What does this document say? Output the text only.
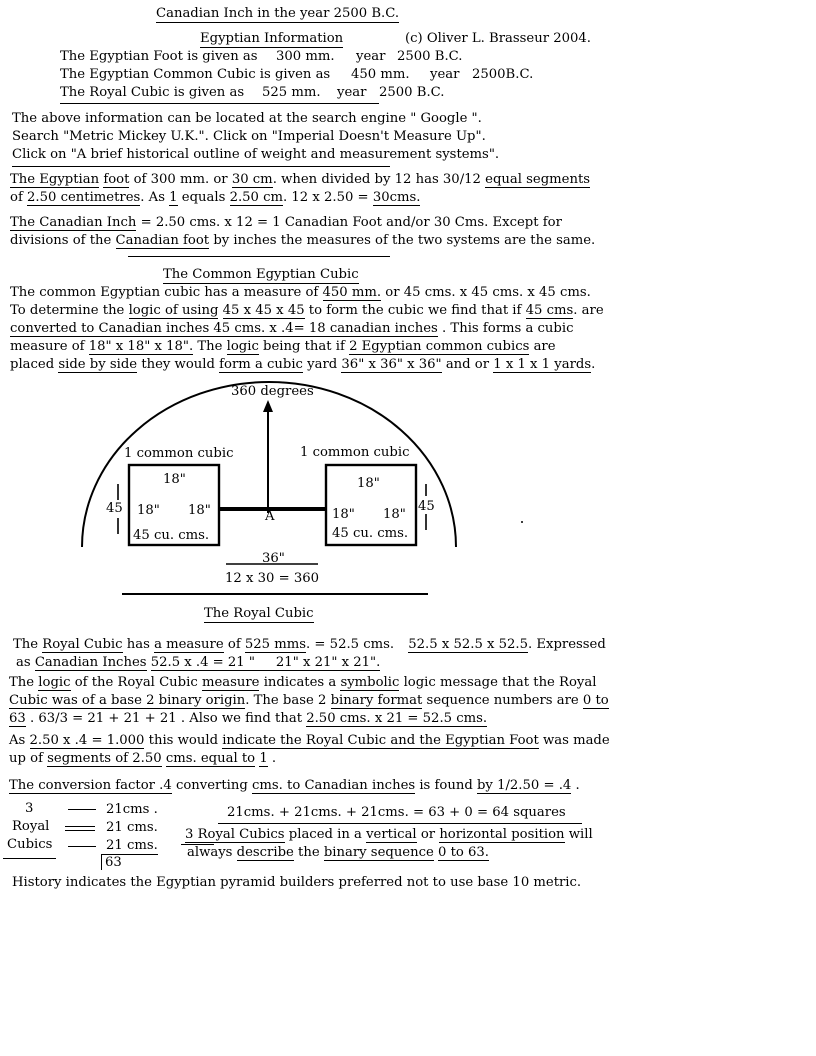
Canadian Inch in the year 2500 B.C.
Egyptian Information	(c) Oliver L. Brasseur 2004.
The Egyptian Foot is given as 300 mm. year 2500 B.C.
The Egyptian Common Cubic is given as 450 mm. year 2500B.C.
The Royal Cubic is given as 525 mm. year 2500 B.C.
The above information can be located at the search engine " Google ".
Search "Metric Mickey U.K.". Click on "Imperial Doesn't Measure Up".
Click on "A brief historical outline of weight and measurement systems".
The Egyptian foot of 300 mm. or 30 cm. when divided by 12 has 30/12 equal segments
of 2.50 centimetres. As 1 equals 2.50 cm. 12 x 2.50 = 30cms.
The Canadian Inch = 2.50 cms. x 12 = 1 Canadian Foot and/or 30 Cms. Except for
divisions of the Canadian foot by inches the measures of the two systems are the same.
The Common Egyptian Cubic
The common Egyptian cubic has a measure of 450 mm. or 45 cms. x 45 cms. x 45 cms.
To determine the logic of using 45 x 45 x 45 to form the cubic we find that if 45 cms. are
converted to Canadian inches 45 cms. x .4= 18 canadian inches . This forms a cubic
measure of 18" x 18" x 18". The logic being that if 2 Egyptian common cubics are
placed side by side they would form a cubic yard 36" x 36" x 36" and or 1 x 1 x 1 yards.
360 degrees
1 common cubic	1 common cubic
18"
18" 18"
45 cu. cms.
18"
18" 18"
45 cu. cms.
45	45
A
36"
12 x 30 = 360
The Royal Cubic
The Royal Cubic has a measure of 525 mms. = 52.5 cms. 52.5 x 52.5 x 52.5. Expressed
as Canadian Inches 52.5 x .4 = 21 "     21" x 21" x 21".
The logic of the Royal Cubic measure indicates a symbolic logic message that the Royal
Cubic was of a base 2 binary origin. The base 2 binary format sequence numbers are 0 to
63 . 63/3 = 21 + 21 + 21 . Also we find that 2.50 cms. x 21 = 52.5 cms.
As 2.50 x .4 = 1.000 this would indicate the Royal Cubic and the Egyptian Foot was made
up of segments of 2.50 cms. equal to 1 .
The conversion factor .4 converting cms. to Canadian inches is found by 1/2.50 = .4 .
3
Royal
Cubics
21cms .
21 cms.
21 cms.
63
21cms. + 21cms. + 21cms. = 63 + 0 = 64 squares
3 Royal Cubics placed in a vertical or horizontal position will
always describe the binary sequence 0 to 63.
History indicates the Egyptian pyramid builders preferred not to use base 10 metric.
